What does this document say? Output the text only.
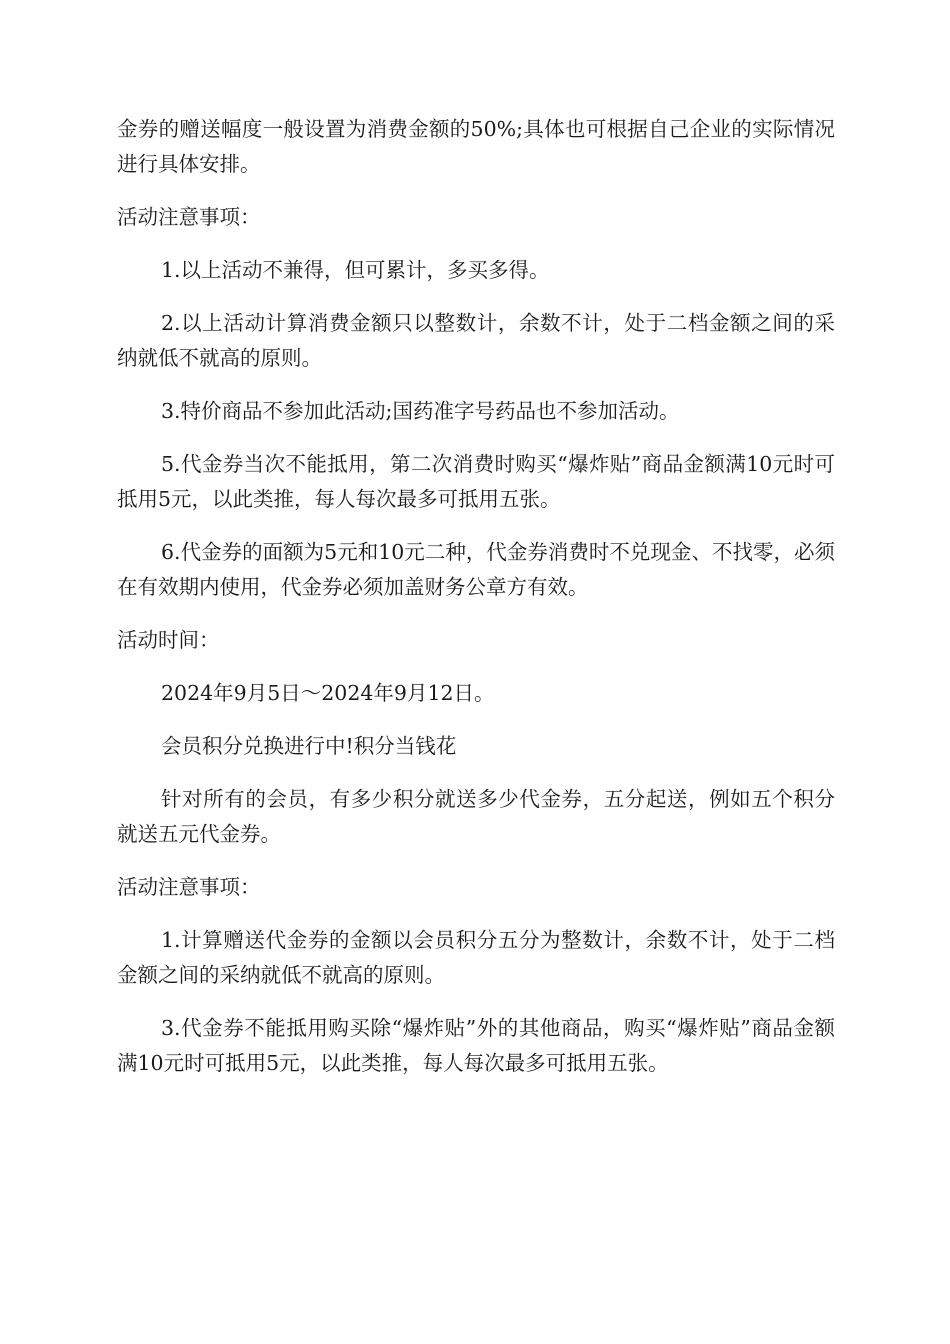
金券的赠送幅度一般设置为消费金额的50%;具体也可根据自己企业的实际情况进行具体安排。

活动注意事项：

1.以上活动不兼得，但可累计，多买多得。

2.以上活动计算消费金额只以整数计，余数不计，处于二档金额之间的采纳就低不就高的原则。

3.特价商品不参加此活动;国药准字号药品也不参加活动。

5.代金券当次不能抵用，第二次消费时购买“爆炸贴”商品金额满10元时可抵用5元，以此类推，每人每次最多可抵用五张。

6.代金券的面额为5元和10元二种，代金券消费时不兑现金、不找零，必须在有效期内使用，代金券必须加盖财务公章方有效。

活动时间：

2024年9月5日～2024年9月12日。

会员积分兑换进行中!积分当钱花

针对所有的会员，有多少积分就送多少代金券，五分起送，例如五个积分就送五元代金券。

活动注意事项：

1.计算赠送代金券的金额以会员积分五分为整数计，余数不计，处于二档金额之间的采纳就低不就高的原则。

3.代金券不能抵用购买除“爆炸贴”外的其他商品，购买“爆炸贴”商品金额满10元时可抵用5元，以此类推，每人每次最多可抵用五张。
